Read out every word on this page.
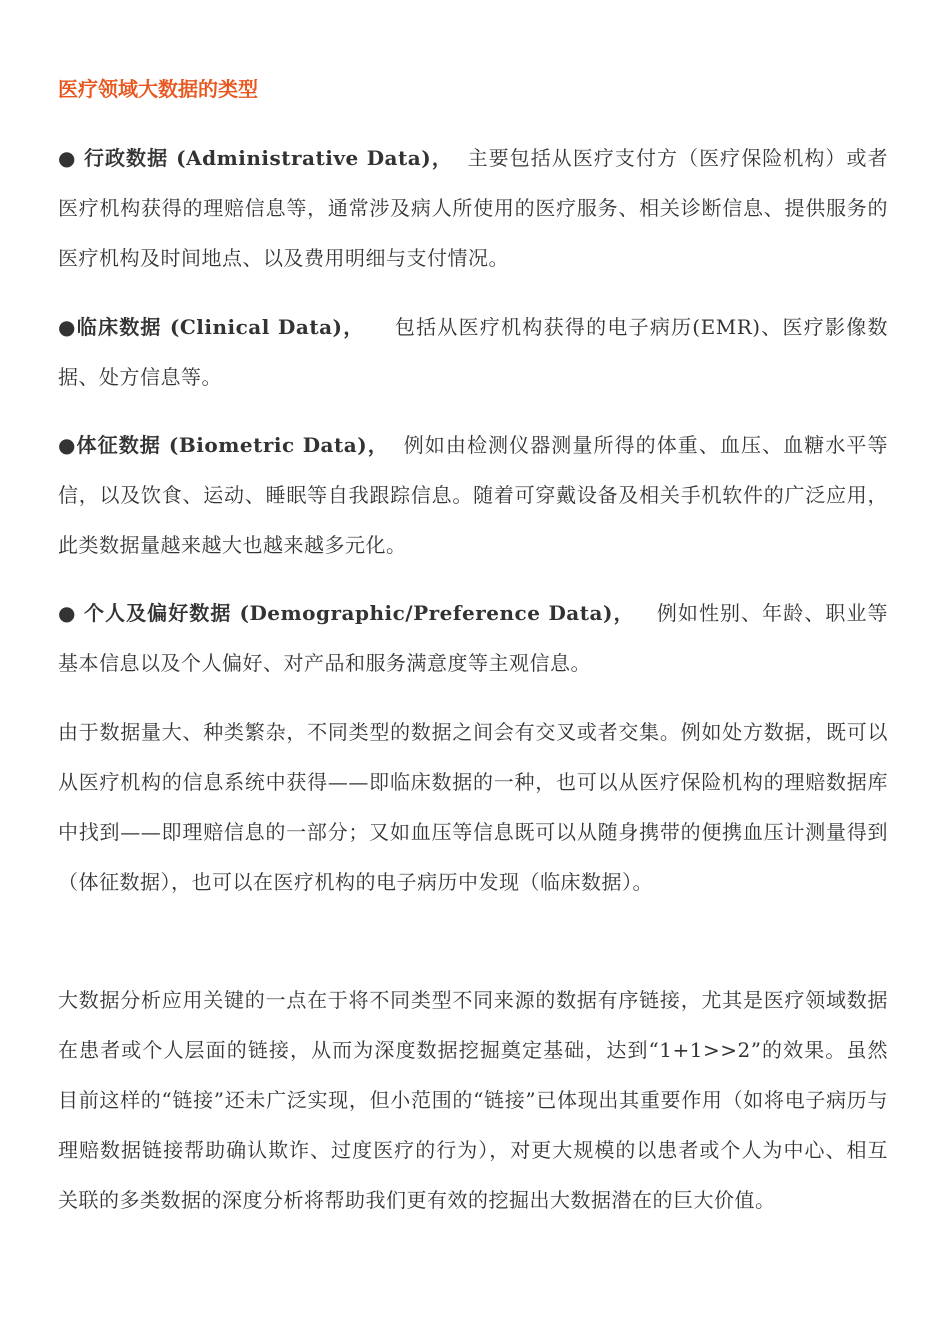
医疗领域大数据的类型
● 行政数据 (Administrative Data)，  主要包括从医疗支付方（医疗保险机构）或者医疗机构获得的理赔信息等，通常涉及病人所使用的医疗服务、相关诊断信息、提供服务的医疗机构及时间地点、以及费用明细与支付情况。
●临床数据 (Clinical Data)，    包括从医疗机构获得的电子病历(EMR)、医疗影像数据、处方信息等。
●体征数据 (Biometric Data)，  例如由检测仪器测量所得的体重、血压、血糖水平等信，以及饮食、运动、睡眠等自我跟踪信息。随着可穿戴设备及相关手机软件的广泛应用，此类数据量越来越大也越来越多元化。
● 个人及偏好数据 (Demographic/Preference Data)，   例如性别、年龄、职业等基本信息以及个人偏好、对产品和服务满意度等主观信息。
由于数据量大、种类繁杂，不同类型的数据之间会有交叉或者交集。例如处方数据，既可以从医疗机构的信息系统中获得——即临床数据的一种，也可以从医疗保险机构的理赔数据库中找到——即理赔信息的一部分；又如血压等信息既可以从随身携带的便携血压计测量得到（体征数据），也可以在医疗机构的电子病历中发现（临床数据）。
大数据分析应用关键的一点在于将不同类型不同来源的数据有序链接，尤其是医疗领域数据在患者或个人层面的链接，从而为深度数据挖掘奠定基础，达到“1+1>>2”的效果。虽然目前这样的“链接”还未广泛实现，但小范围的“链接”已体现出其重要作用（如将电子病历与理赔数据链接帮助确认欺诈、过度医疗的行为），对更大规模的以患者或个人为中心、相互关联的多类数据的深度分析将帮助我们更有效的挖掘出大数据潜在的巨大价值。
